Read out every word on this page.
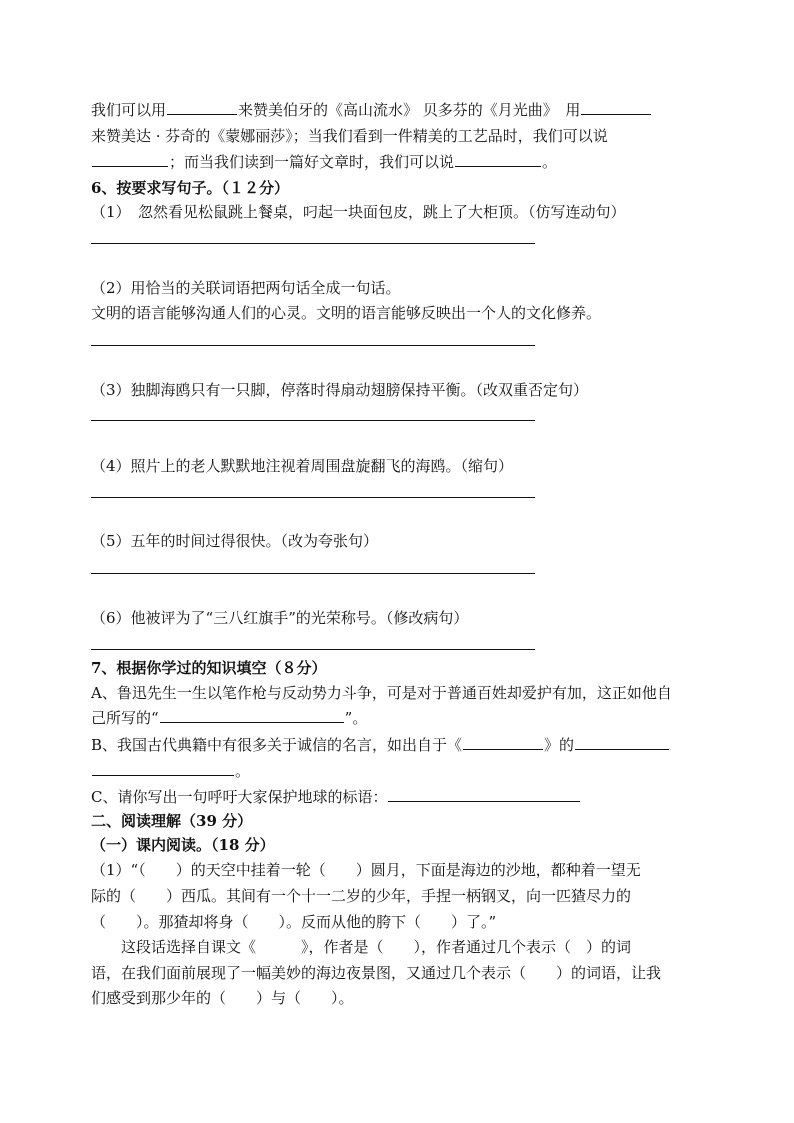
我们可以用	来赞美伯牙的《高山流水》 贝多芬的《月光曲》　 用
来赞美达 · 芬奇的《蒙娜丽莎》；当我们看到一件精美的工艺品时，我们可以说
；而当我们读到一篇好文章时，我们可以说	。
6、按要求写句子。（１２分）
（1）　忽然看见松鼠跳上餐桌，叼起一块面包皮，跳上了大柜顶。（仿写连动句）
（2）用恰当的关联词语把两句话全成一句话。
文明的语言能够沟通人们的心灵。文明的语言能够反映出一个人的文化修养。
（3）独脚海鸥只有一只脚，停落时得扇动翅膀保持平衡。（改双重否定句）
（4）照片上的老人默默地注视着周围盘旋翻飞的海鸥。（缩句）
（5）五年的时间过得很快。（改为夸张句）
（6）他被评为了“三八红旗手”的光荣称号。（修改病句）
7、根据你学过的知识填空（８分）
A、鲁迅先生一生以笔作枪与反动势力斗争，可是对于普通百姓却爱护有加，这正如他自
己所写的“	”。
B、我国古代典籍中有很多关于诚信的名言，如出自于《	》的
。
C、请你写出一句呼吁大家保护地球的标语：
二、阅读理解（39 分）
（一）课内阅读。（18 分）
（1）“（　　）的天空中挂着一轮（　　）圆月，下面是海边的沙地，都种着一望无
际的（　　）西瓜。其间有一个十一二岁的少年，手捏一柄钢叉，向一匹猹尽力的
（　　）。那猹却将身（　　）。反而从他的胯下（　　）了。”
　　这段话选择自课文《　　　》，作者是（　　），作者通过几个表示（　）的词
语，在我们面前展现了一幅美妙的海边夜景图，又通过几个表示（　　）的词语，让我
们感受到那少年的（　　）与（　　）。
